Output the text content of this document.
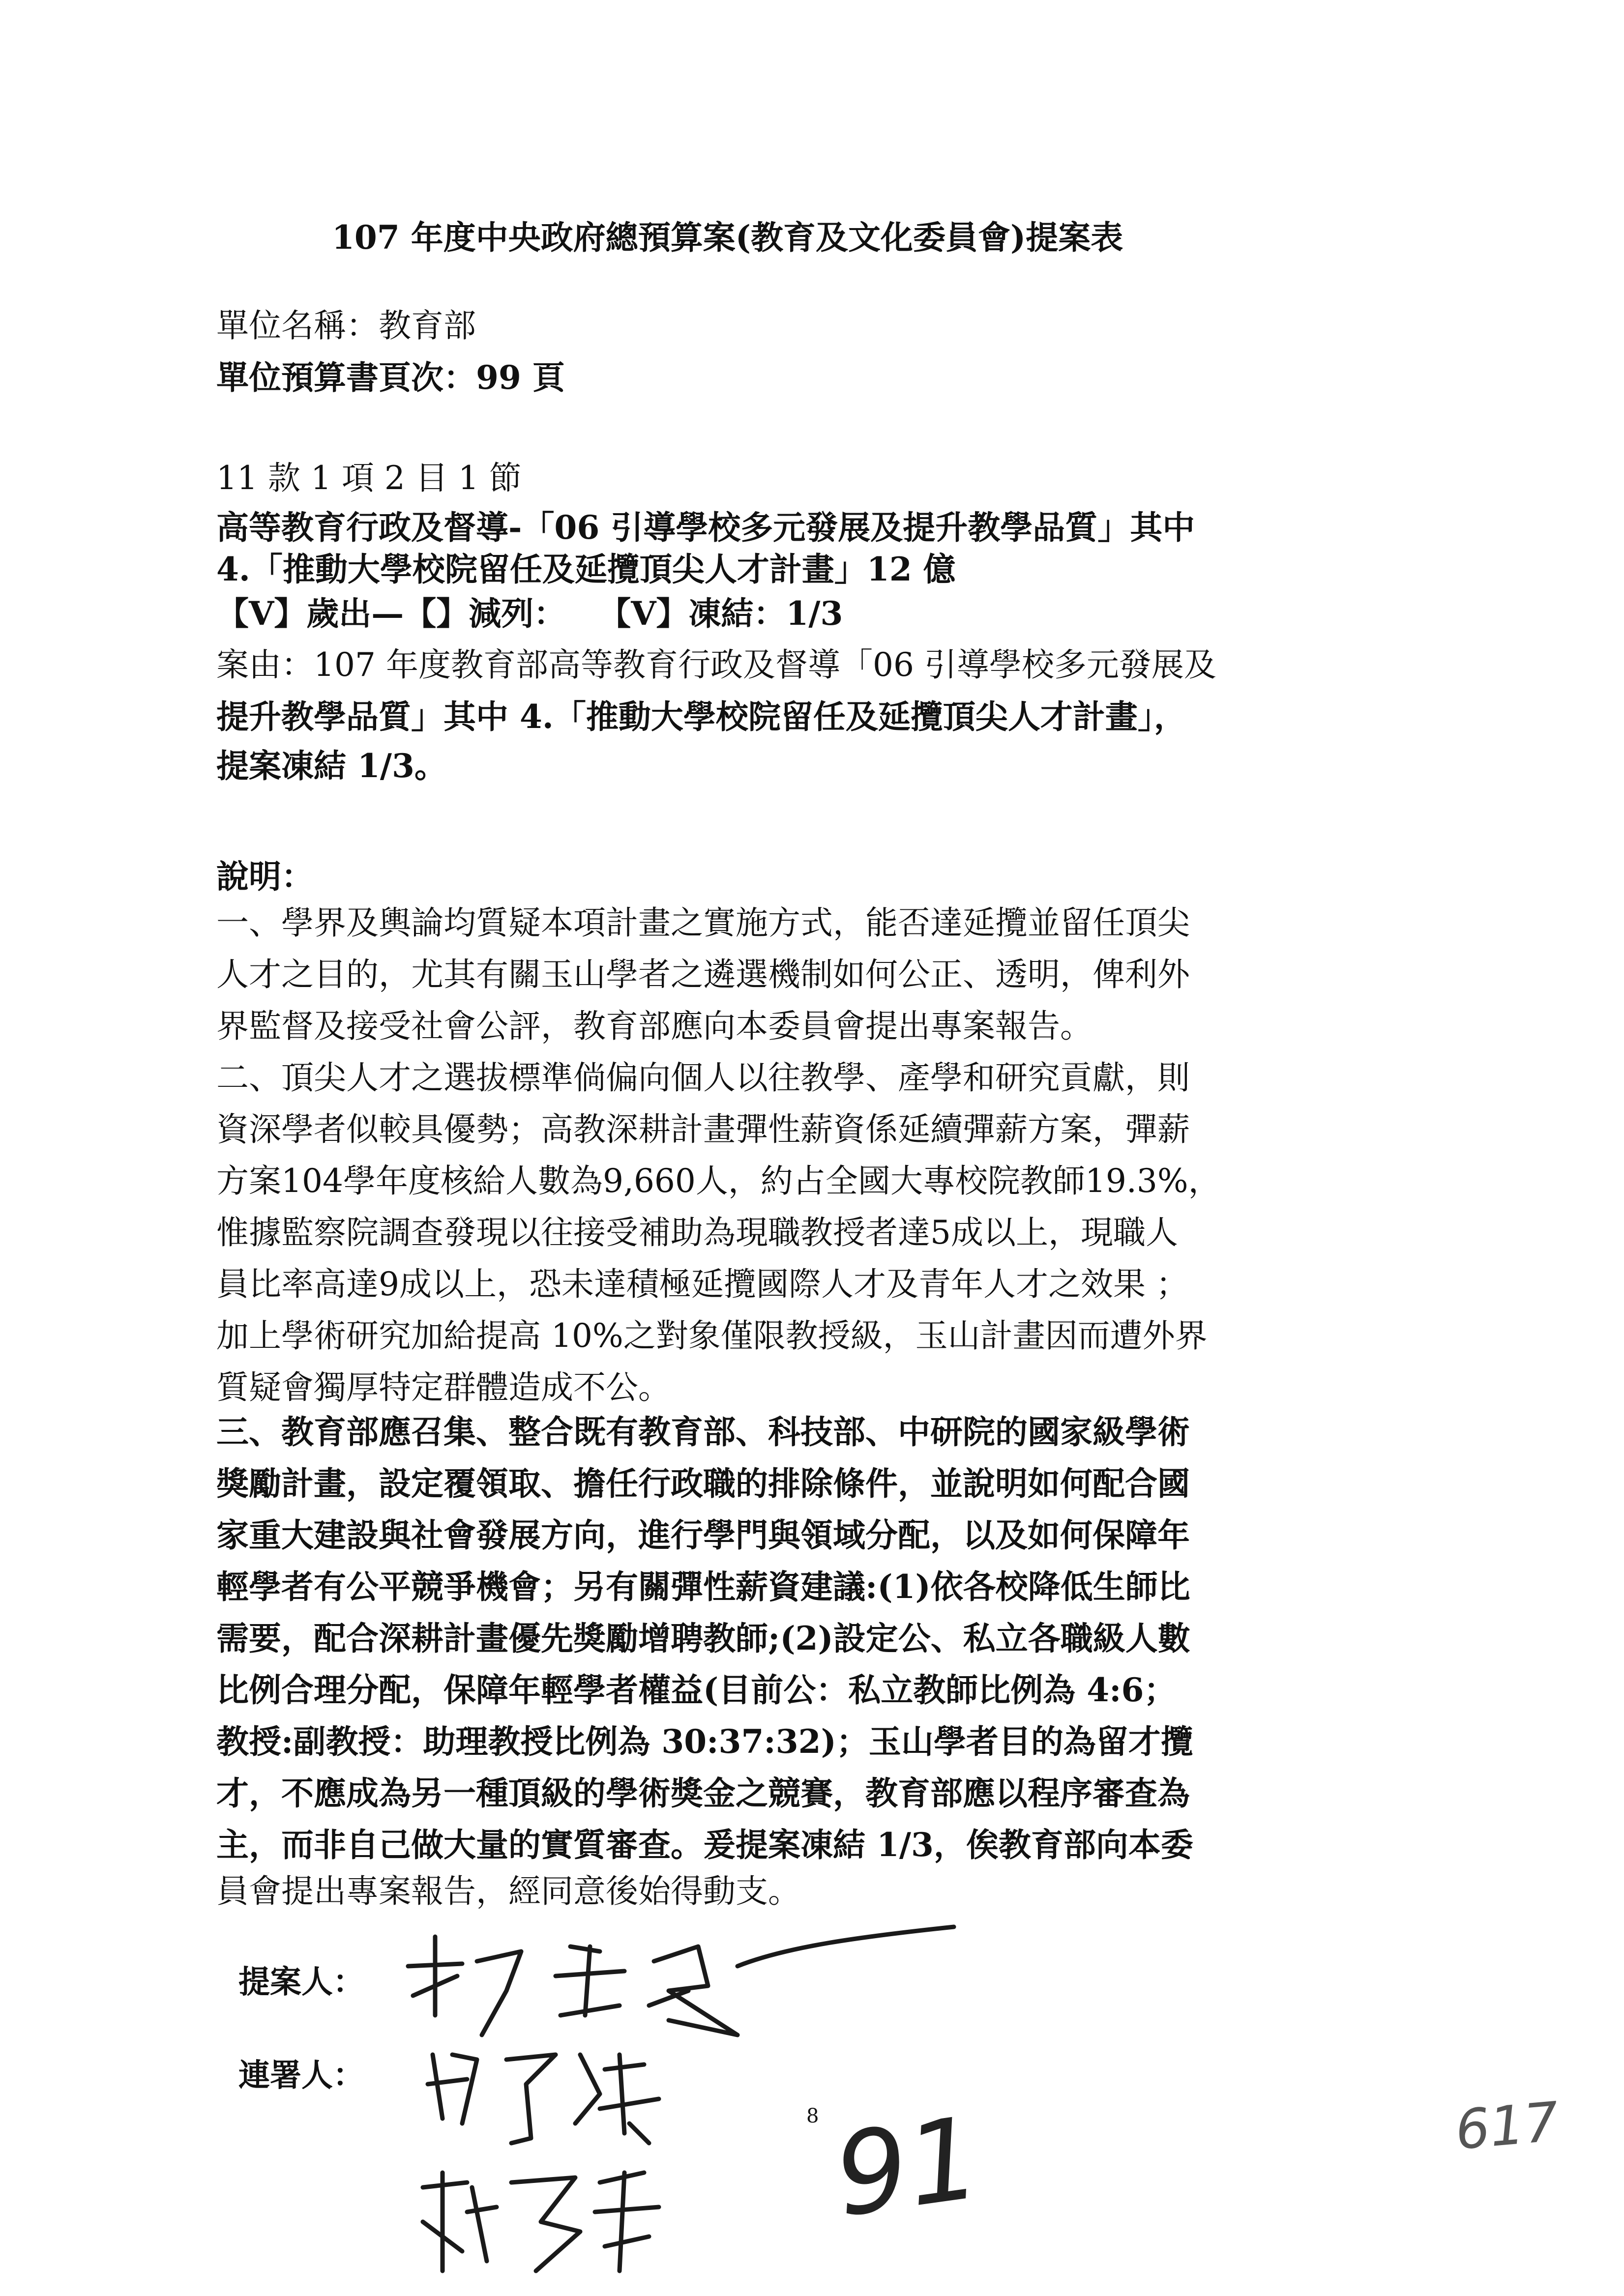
107 年度中央政府總預算案(教育及文化委員會)提案表
單位名稱：教育部
單位預算書頁次：99 頁
11 款 1 項 2 目 1 節
高等教育行政及督導-「06 引導學校多元發展及提升教學品質」其中
4.「推動大學校院留任及延攬頂尖人才計畫」12 億
【V】歲出—【】減列：　　【V】凍結：1/3
案由：107 年度教育部高等教育行政及督導「06 引導學校多元發展及
提升教學品質」其中 4.「推動大學校院留任及延攬頂尖人才計畫」，
提案凍結 1/3。
說明：
一、學界及輿論均質疑本項計畫之實施方式，能否達延攬並留任頂尖
人才之目的，尤其有關玉山學者之遴選機制如何公正、透明，俾利外
界監督及接受社會公評，教育部應向本委員會提出專案報告。
二、頂尖人才之選拔標準倘偏向個人以往教學、產學和研究貢獻，則
資深學者似較具優勢；高教深耕計畫彈性薪資係延續彈薪方案，彈薪
方案104學年度核給人數為9,660人，約占全國大專校院教師19.3%，
惟據監察院調查發現以往接受補助為現職教授者達5成以上，現職人
員比率高達9成以上，恐未達積極延攬國際人才及青年人才之效果 ；
加上學術研究加給提高 10%之對象僅限教授級，玉山計畫因而遭外界
質疑會獨厚特定群體造成不公。
三、教育部應召集、整合既有教育部、科技部、中研院的國家級學術
獎勵計畫，設定覆領取、擔任行政職的排除條件，並說明如何配合國
家重大建設與社會發展方向，進行學門與領域分配，以及如何保障年
輕學者有公平競爭機會；另有關彈性薪資建議:(1)依各校降低生師比
需要，配合深耕計畫優先獎勵增聘教師;(2)設定公、私立各職級人數
比例合理分配，保障年輕學者權益(目前公：私立教師比例為 4:6；
教授:副教授：助理教授比例為 30:37:32)；玉山學者目的為留才攬
才，不應成為另一種頂級的學術獎金之競賽，教育部應以程序審查為
主，而非自己做大量的實質審查。爰提案凍結 1/3，俟教育部向本委
員會提出專案報告，經同意後始得動支。
提案人：
連署人：
8 91	617
